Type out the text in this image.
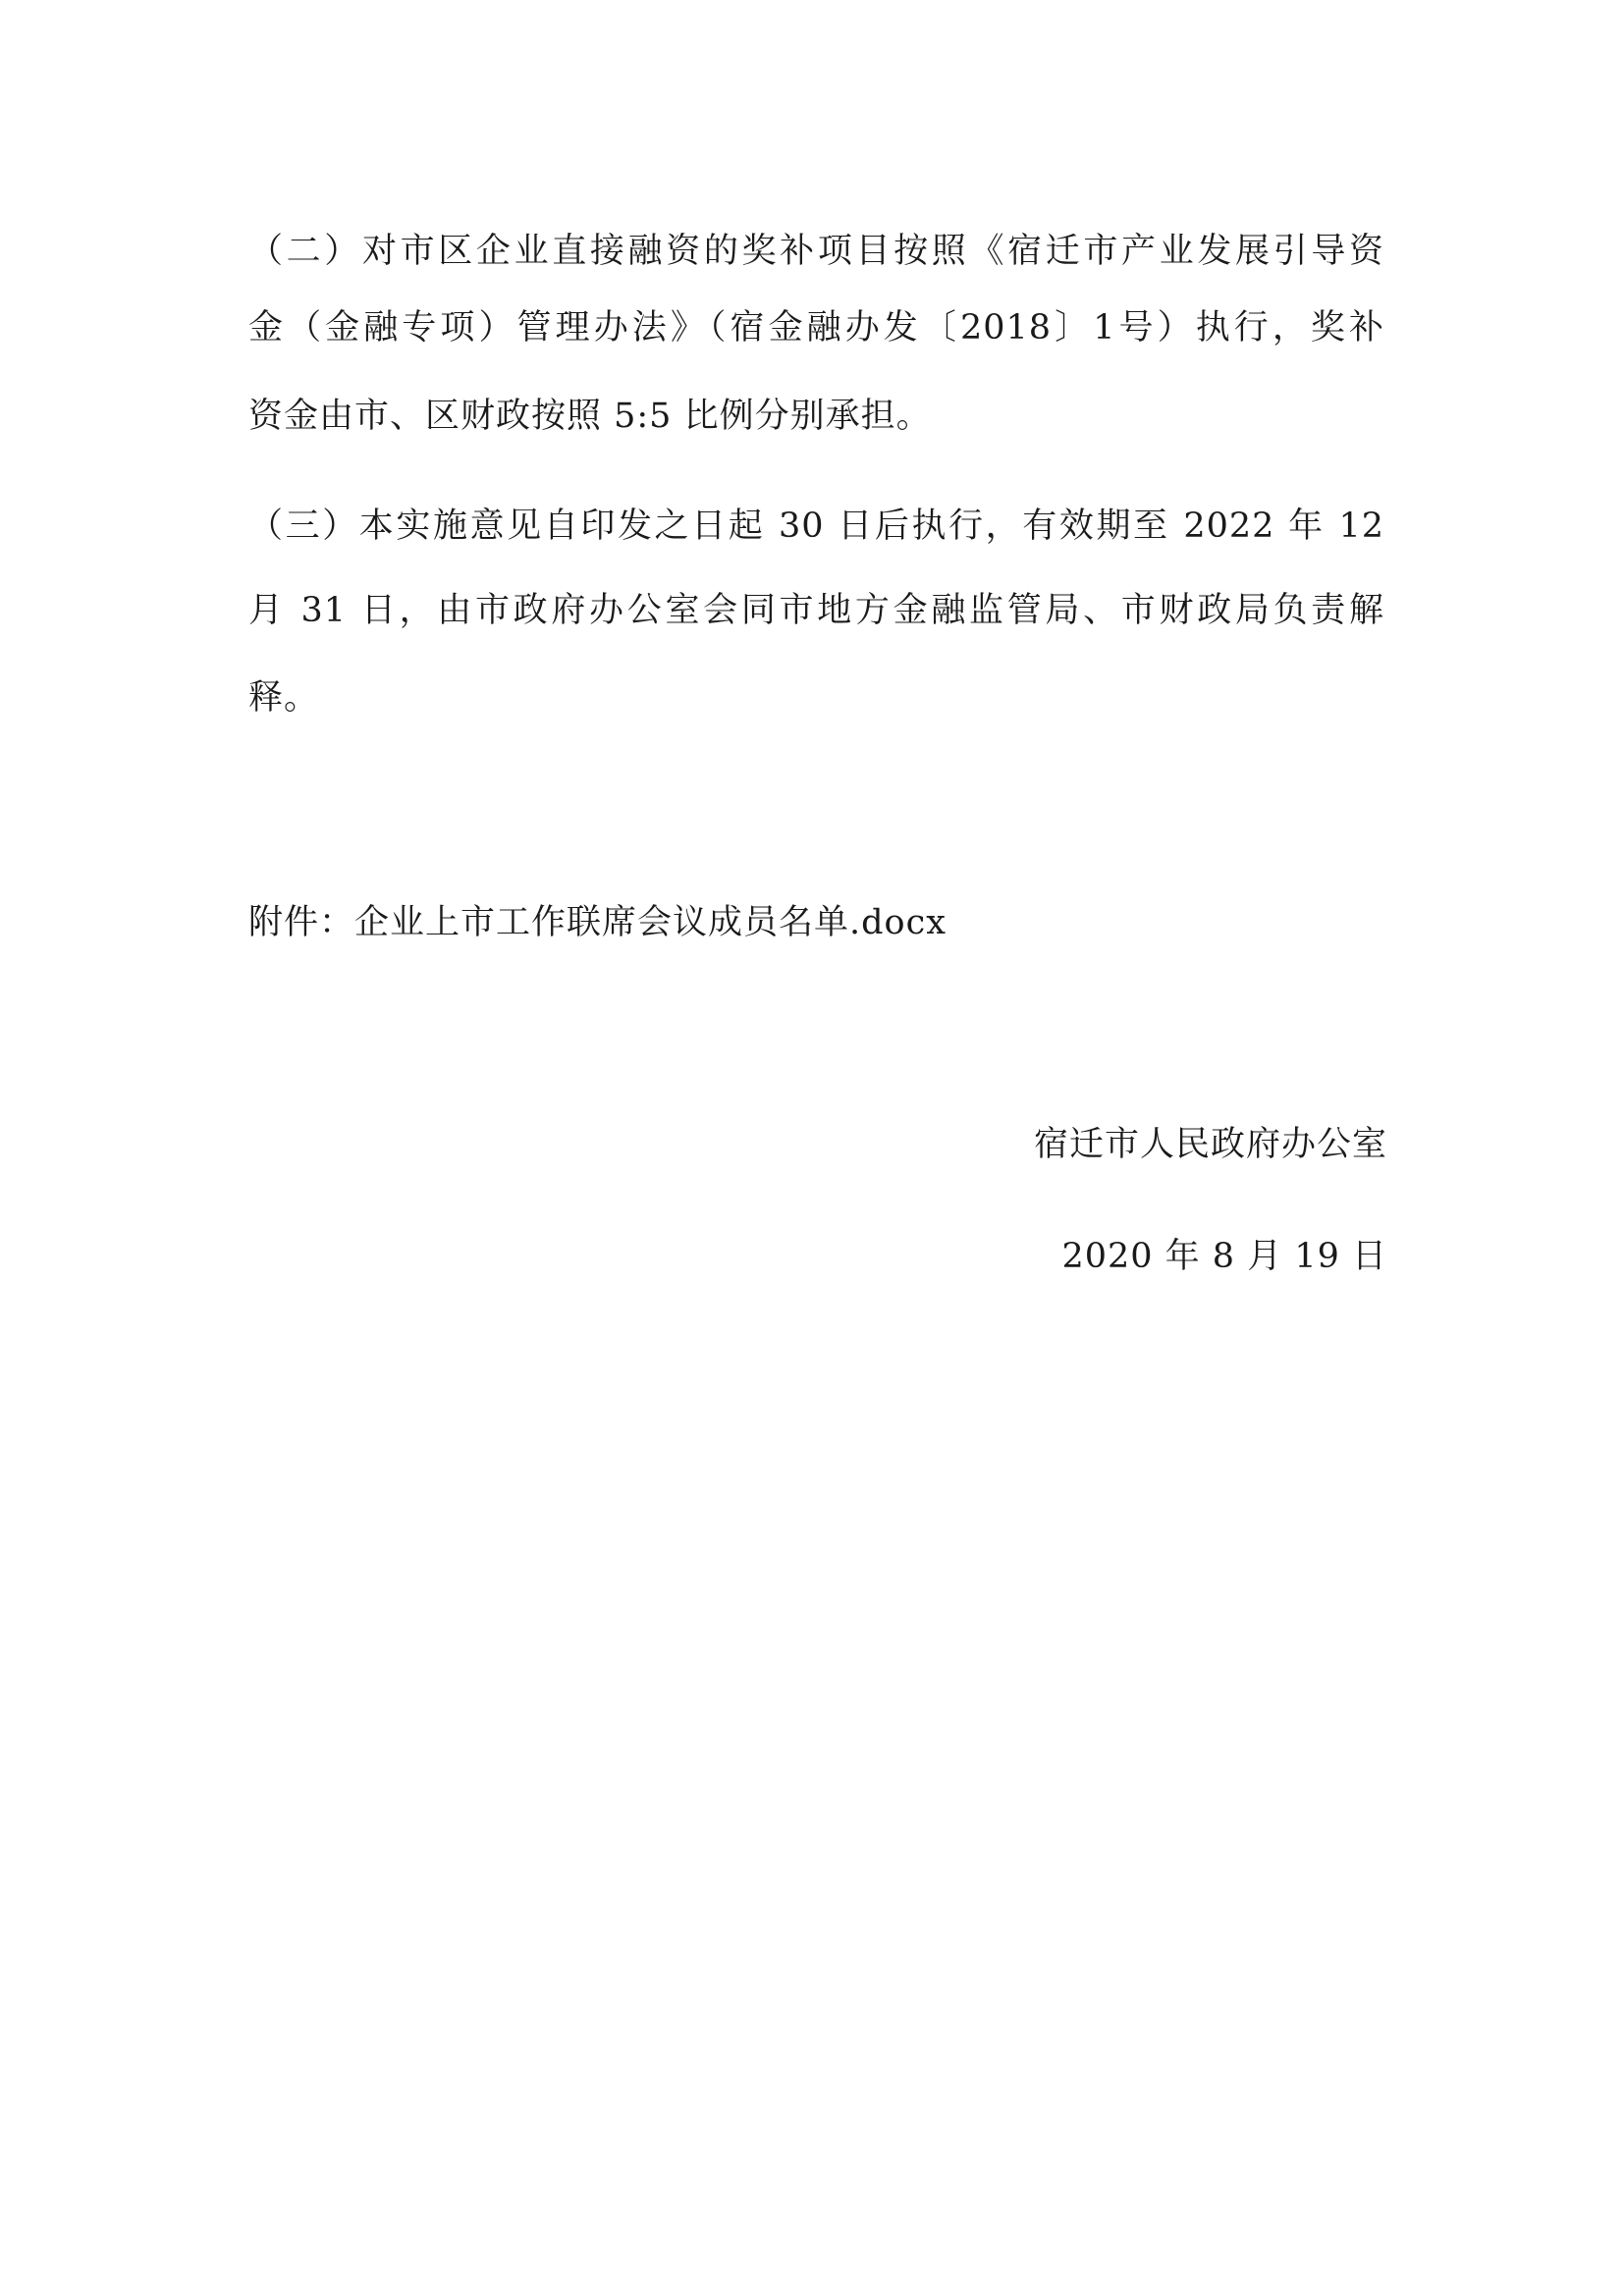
（二）对市区企业直接融资的奖补项目按照《宿迁市产业发展引导资
金（金融专项）管理办法》（宿金融办发〔2018〕1号）执行，奖补
资金由市、区财政按照 5:5 比例分别承担。
（三）本实施意见自印发之日起 30 日后执行，有效期至 2022 年 12
月 31 日，由市政府办公室会同市地方金融监管局、市财政局负责解
释。
附件：企业上市工作联席会议成员名单.docx
宿迁市人民政府办公室
2020 年 8 月 19 日
